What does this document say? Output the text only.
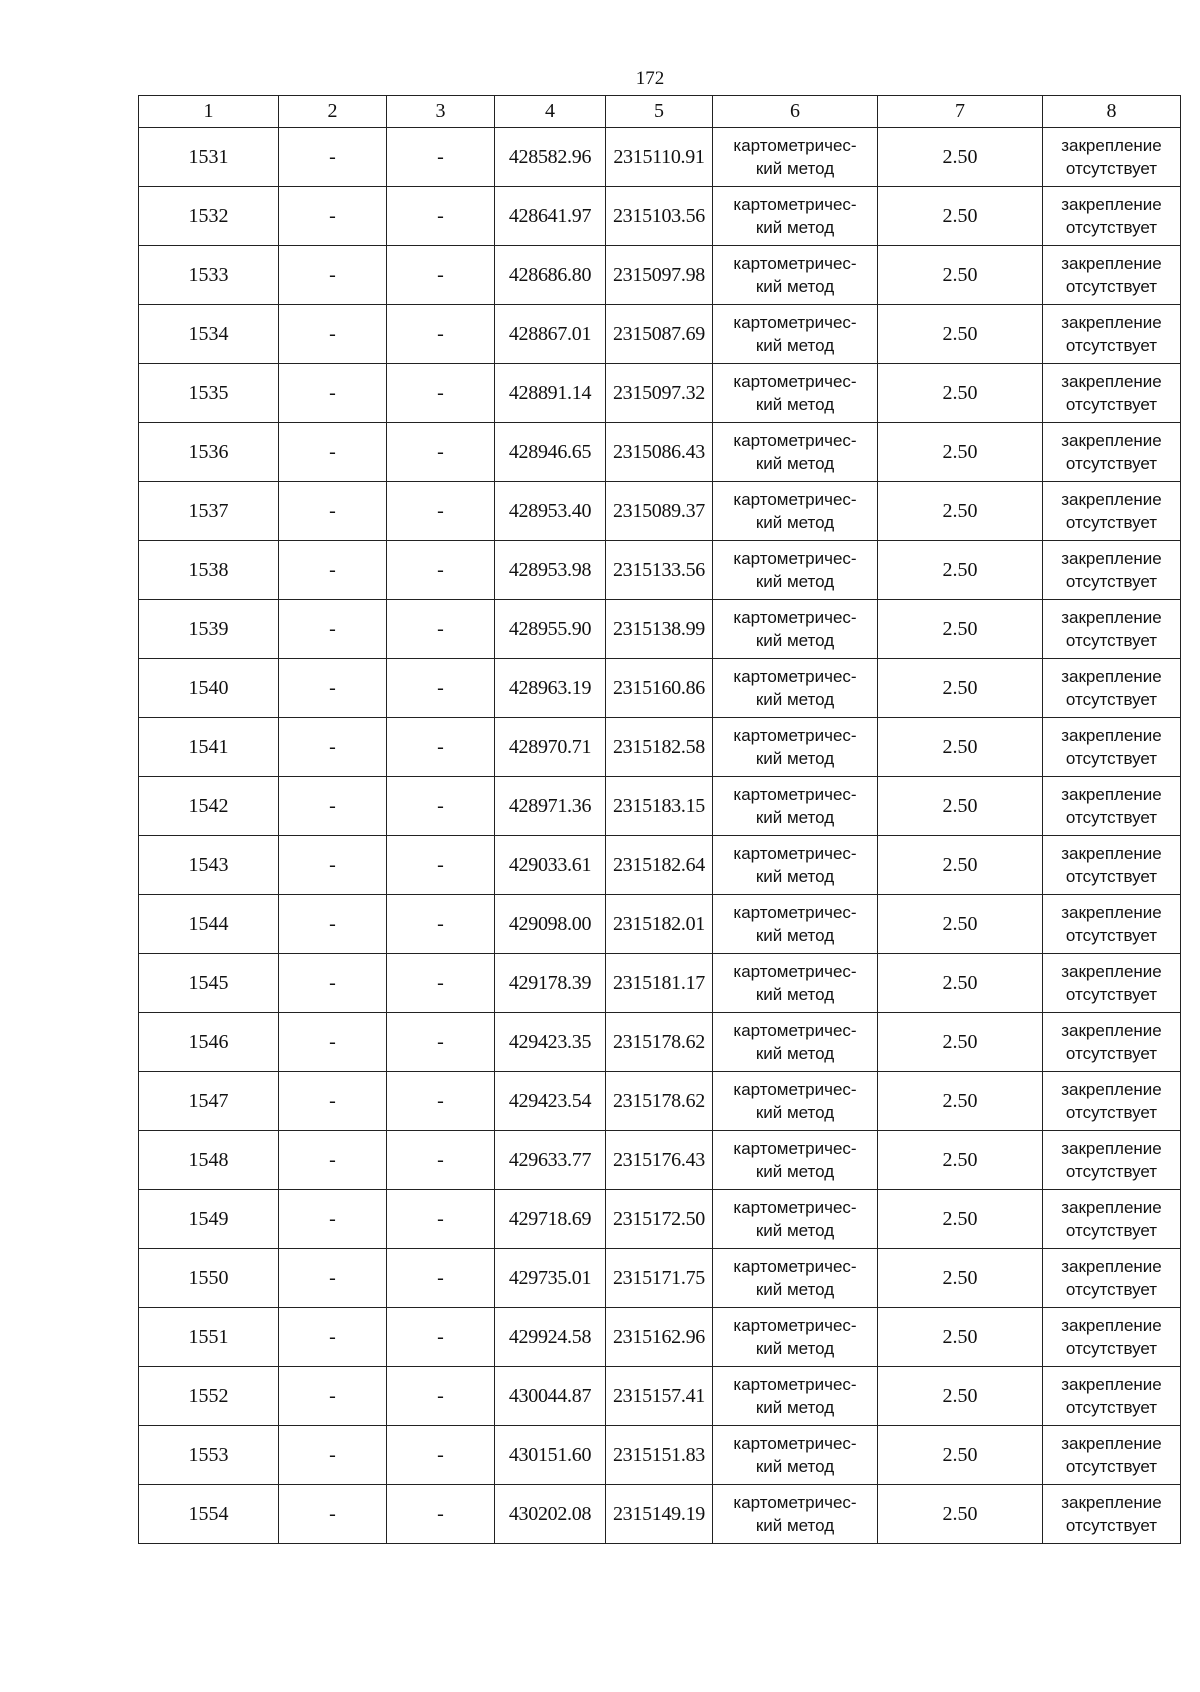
172
1	2	3	4	5	6	7	8
1531	-	-	428582.96	2315110.91	картометричес-
кий метод	2.50	закрепление
отсутствует

1532	-	-	428641.97	2315103.56	картометричес-
кий метод	2.50	закрепление
отсутствует

1533	-	-	428686.80	2315097.98	картометричес-
кий метод	2.50	закрепление
отсутствует

1534	-	-	428867.01	2315087.69	картометричес-
кий метод	2.50	закрепление
отсутствует

1535	-	-	428891.14	2315097.32	картометричес-
кий метод	2.50	закрепление
отсутствует

1536	-	-	428946.65	2315086.43	картометричес-
кий метод	2.50	закрепление
отсутствует

1537	-	-	428953.40	2315089.37	картометричес-
кий метод	2.50	закрепление
отсутствует

1538	-	-	428953.98	2315133.56	картометричес-
кий метод	2.50	закрепление
отсутствует

1539	-	-	428955.90	2315138.99	картометричес-
кий метод	2.50	закрепление
отсутствует

1540	-	-	428963.19	2315160.86	картометричес-
кий метод	2.50	закрепление
отсутствует

1541	-	-	428970.71	2315182.58	картометричес-
кий метод	2.50	закрепление
отсутствует

1542	-	-	428971.36	2315183.15	картометричес-
кий метод	2.50	закрепление
отсутствует

1543	-	-	429033.61	2315182.64	картометричес-
кий метод	2.50	закрепление
отсутствует

1544	-	-	429098.00	2315182.01	картометричес-
кий метод	2.50	закрепление
отсутствует

1545	-	-	429178.39	2315181.17	картометричес-
кий метод	2.50	закрепление
отсутствует

1546	-	-	429423.35	2315178.62	картометричес-
кий метод	2.50	закрепление
отсутствует

1547	-	-	429423.54	2315178.62	картометричес-
кий метод	2.50	закрепление
отсутствует

1548	-	-	429633.77	2315176.43	картометричес-
кий метод	2.50	закрепление
отсутствует

1549	-	-	429718.69	2315172.50	картометричес-
кий метод	2.50	закрепление
отсутствует

1550	-	-	429735.01	2315171.75	картометричес-
кий метод	2.50	закрепление
отсутствует

1551	-	-	429924.58	2315162.96	картометричес-
кий метод	2.50	закрепление
отсутствует

1552	-	-	430044.87	2315157.41	картометричес-
кий метод	2.50	закрепление
отсутствует

1553	-	-	430151.60	2315151.83	картометричес-
кий метод	2.50	закрепление
отсутствует

1554	-	-	430202.08	2315149.19	картометричес-
кий метод	2.50	закрепление
отсутствует
